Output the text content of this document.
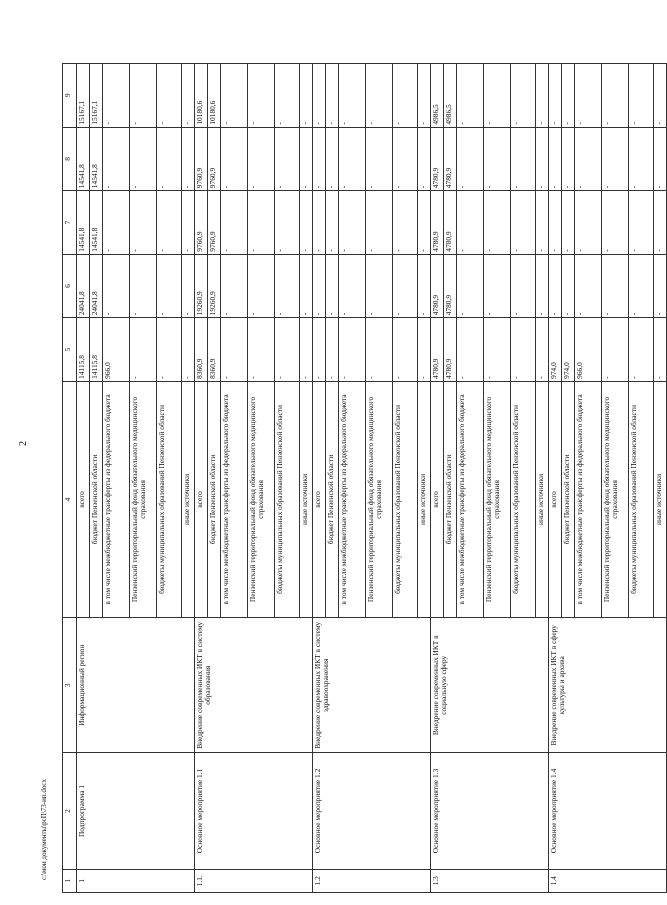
2
c:\мои документы\рсП\73-ип.docx
1	2	3	4	5	6	7	8	9
1	Подпрограмма 1	Информационный регион	всего	14115,8	24041,8	14541,8	14541,8	15167,1
			бюджет Пензенской области	14115,8	24041,8	14541,8	14541,8	15167,1
			в том числе межбюджетные трансферты из федерального бюджета	966,0	-	-	-	-
			Пензенский территориальный фонд обязательного медицинского страхования	-	-	-	-	-
			бюджеты муниципальных образований Пензенской области	-	-	-	-	-
			иные источники	-	-	-	-	-
1.1.	Основное мероприятие 1.1	Внедрение современных ИКТ в систему образования	всего	8360,9	19260,9	9760,9	9760,9	10180,6
			бюджет Пензенской области	8360,9	19260,9	9760,9	9760,9	10180,6
			в том числе межбюджетные трансферты из федерального бюджета	-	-	-	-	-
			Пензенский территориальный фонд обязательного медицинского страхования	-	-	-	-	-
			бюджеты муниципальных образований Пензенской области	-	-	-	-	-
			иные источники	-	-	-	-	-
1.2	Основное мероприятие 1.2	Внедрение современных ИКТ в систему здравоохранения	всего	-	-	-	-	-
			бюджет Пензенской области	-	-	-	-	-
			в том числе межбюджетные трансферты из федерального бюджета	-	-	-	-	-
			Пензенский территориальный фонд обязательного медицинского страхования	-	-	-	-	-
			бюджеты муниципальных образований Пензенской области	-	-	-	-	-
			иные источники	-	-	-	-	-
1.3	Основное мероприятие 1.3	Внедрение современных ИКТ в социальную сферу	всего	4780,9	4780,9	4780,9	4780,9	4986,5
			бюджет Пензенской области	4780,9	4780,9	4780,9	4780,9	4986,5
			в том числе межбюджетные трансферты из федерального бюджета	-	-	-	-	-
			Пензенский территориальный фонд обязательного медицинского страхования	-	-	-	-	-
			бюджеты муниципальных образований Пензенской области	-	-	-	-	-
			иные источники	-	-	-	-	-
1.4	Основное мероприятие 1.4	Внедрение современных ИКТ в сферу культуры и архива	всего	974,0	-	-	-	-
			бюджет Пензенской области	974,0	-	-	-	-
			в том числе межбюджетные трансферты из федерального бюджета	966,0	-	-	-	-
			Пензенский территориальный фонд обязательного медицинского страхования	-	-	-	-	-
			бюджеты муниципальных образований Пензенской области	-	-	-	-	-
			иные источники	-	-	-	-	-
